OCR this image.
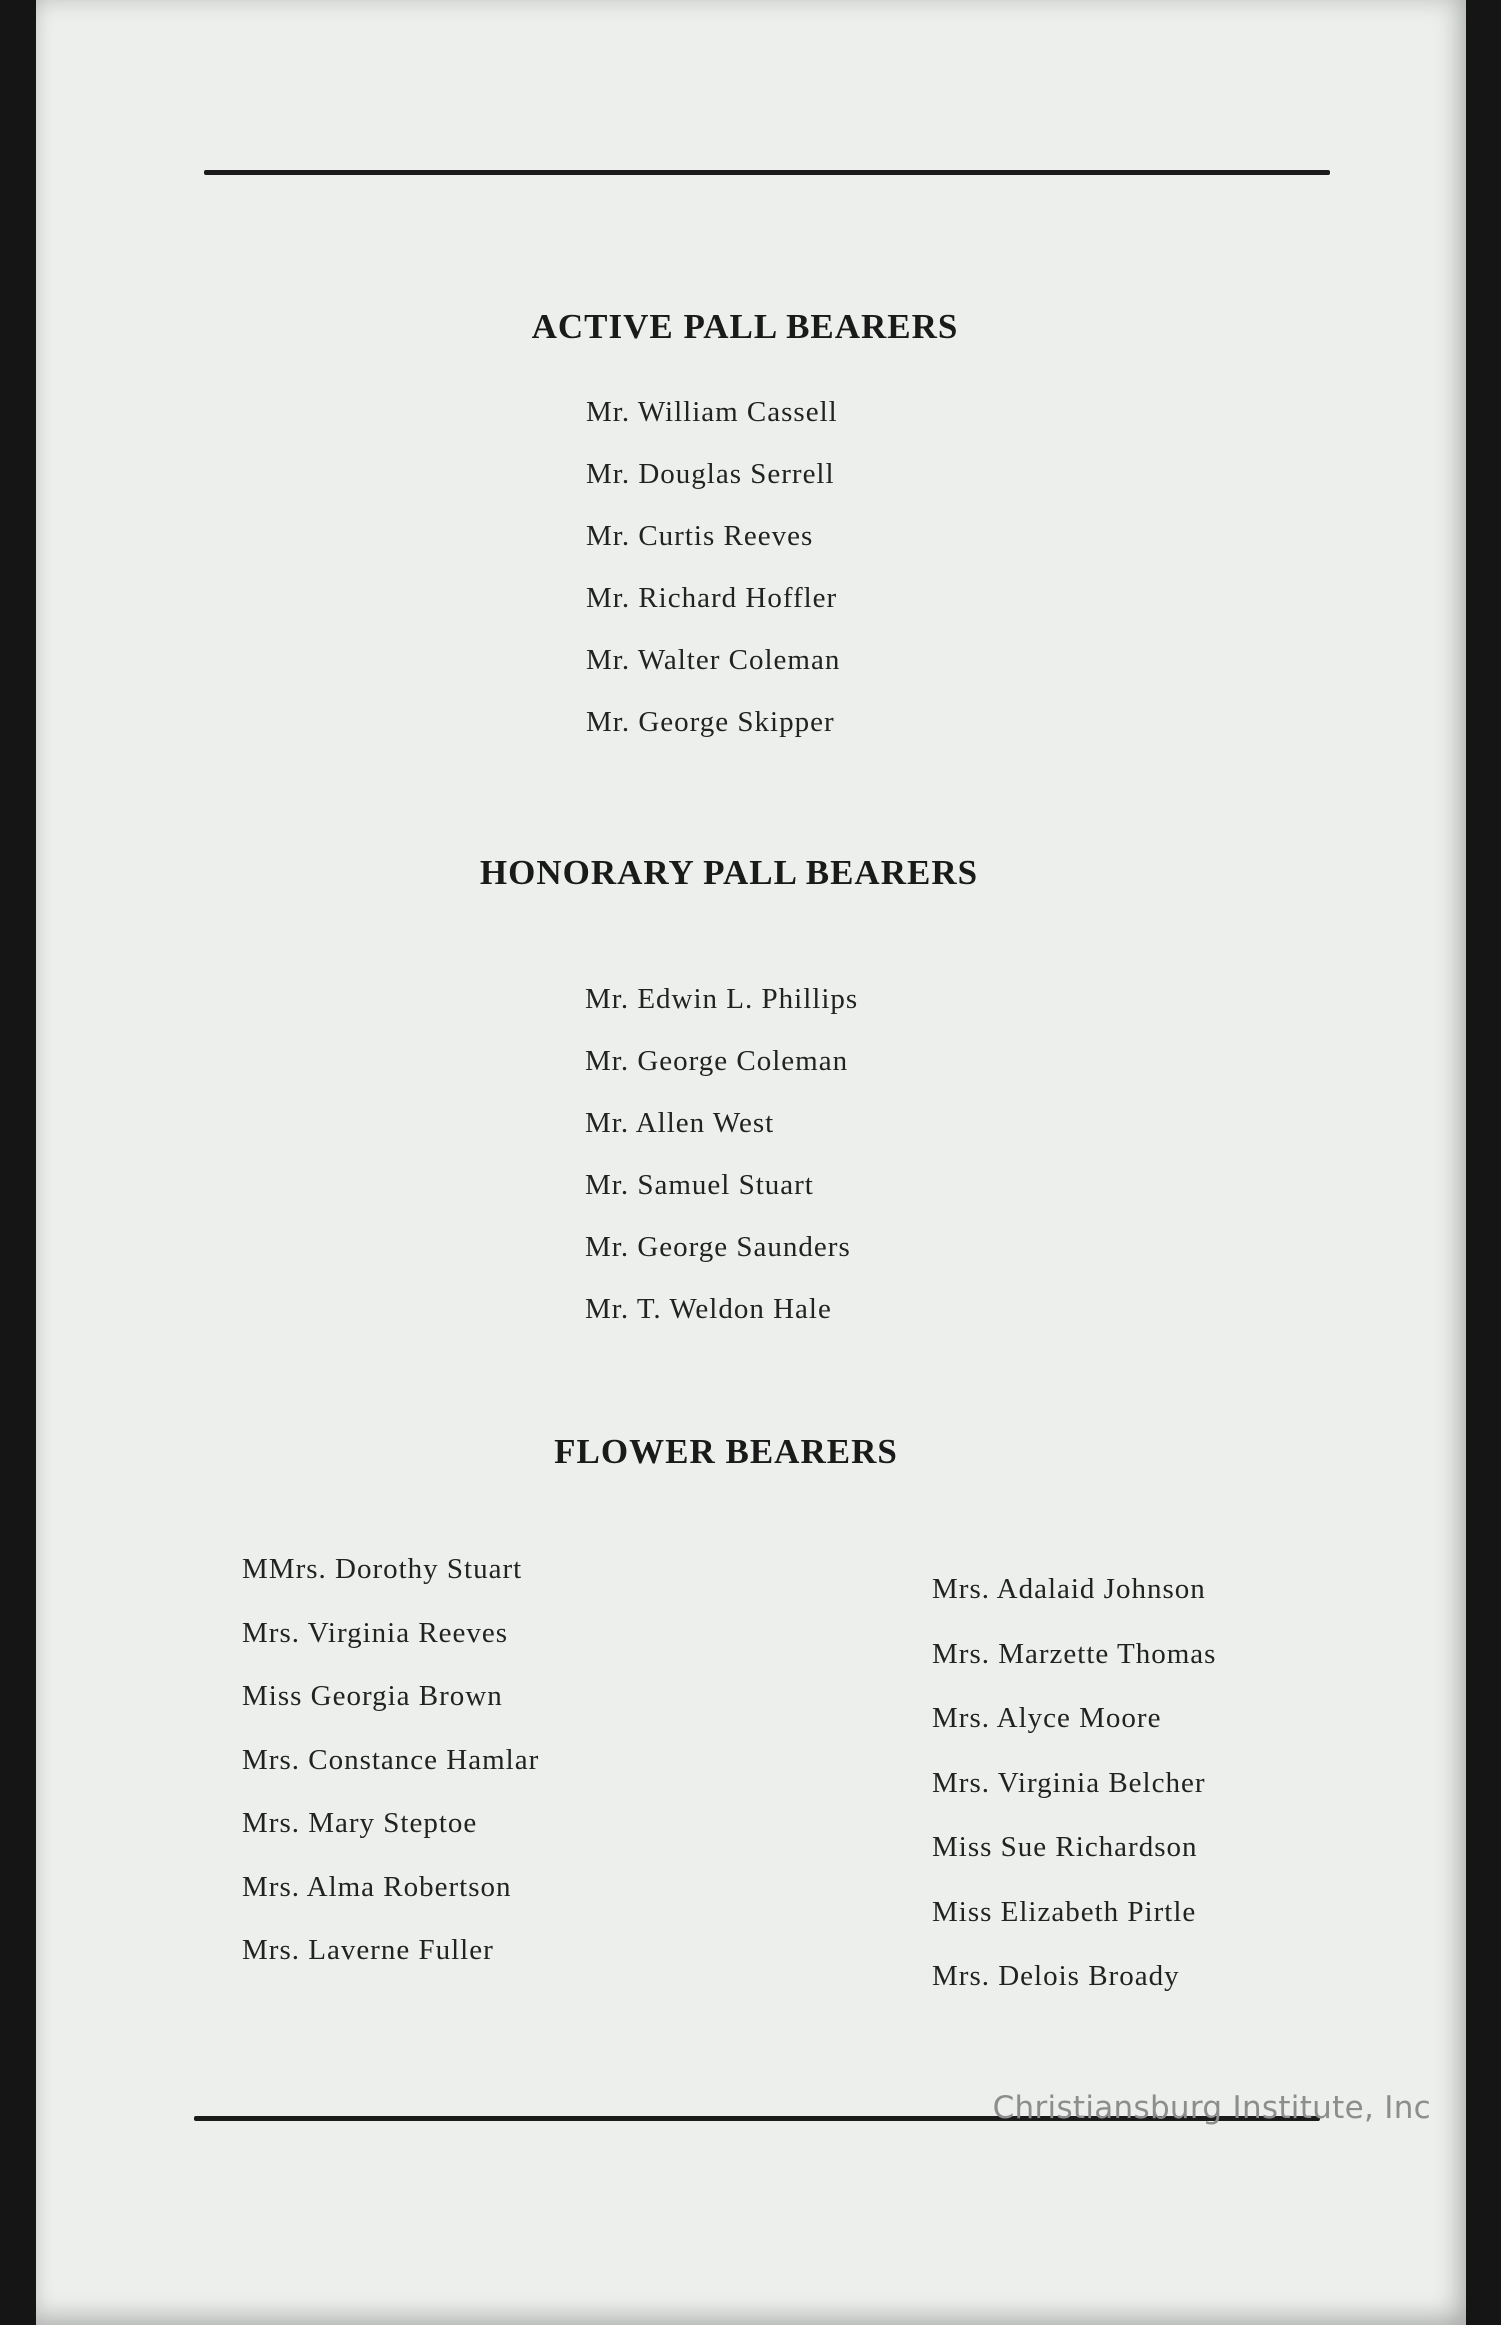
ACTIVE PALL BEARERS
Mr. William Cassell
Mr. Douglas Serrell
Mr. Curtis Reeves
Mr. Richard Hoffler
Mr. Walter Coleman
Mr. George Skipper
HONORARY PALL BEARERS
Mr. Edwin L. Phillips
Mr. George Coleman
Mr. Allen West
Mr. Samuel Stuart
Mr. George Saunders
Mr. T. Weldon Hale
FLOWER BEARERS
MMrs. Dorothy Stuart
Mrs. Virginia Reeves
Miss Georgia Brown
Mrs. Constance Hamlar
Mrs. Mary Steptoe
Mrs. Alma Robertson
Mrs. Laverne Fuller
Mrs. Adalaid Johnson
Mrs. Marzette Thomas
Mrs. Alyce Moore
Mrs. Virginia Belcher
Miss Sue Richardson
Miss Elizabeth Pirtle
Mrs. Delois Broady
Christiansburg Institute, Inc
